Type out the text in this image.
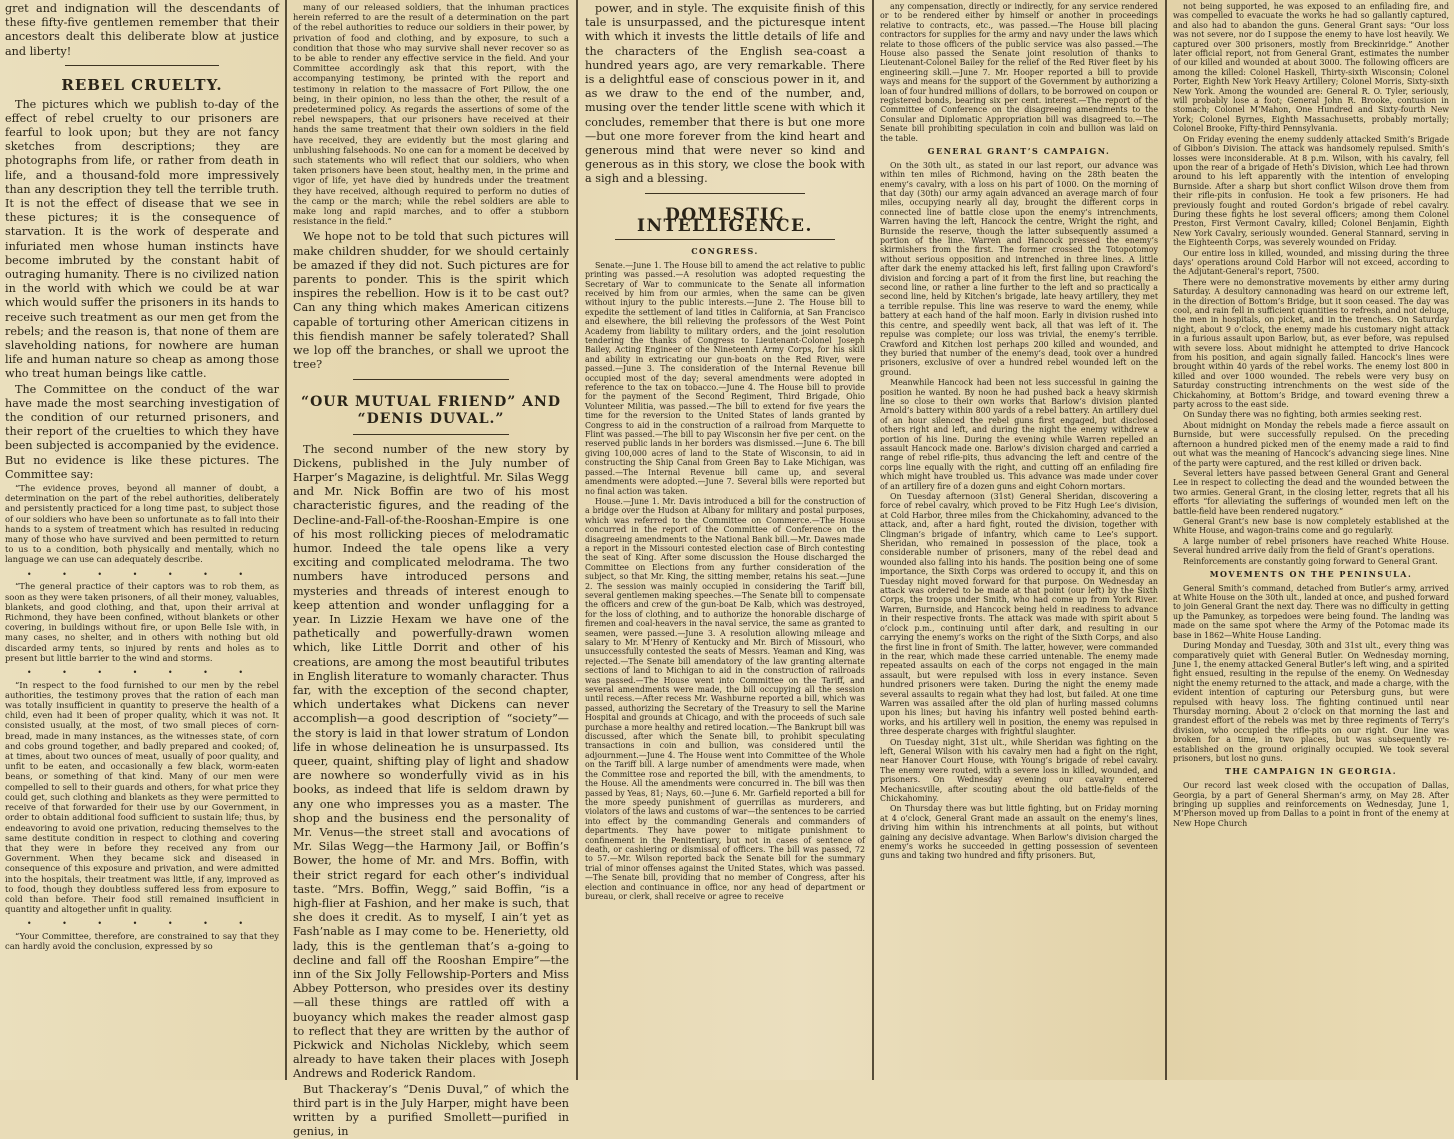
gret and indignation will the descendants of these fifty-five gentlemen remember that their ancestors dealt this deliberate blow at justice and liberty!
REBEL CRUELTY.
The pictures which we publish to-day of the effect of rebel cruelty to our prisoners are fearful to look upon; but they are not fancy sketches from descriptions; they are photographs from life, or rather from death in life, and a thousand-fold more impressively than any description they tell the terrible truth. It is not the effect of disease that we see in these pictures; it is the consequence of starvation. It is the work of desperate and infuriated men whose human instincts have become imbruted by the constant habit of outraging humanity. There is no civilized nation in the world with which we could be at war which would suffer the prisoners in its hands to receive such treatment as our men get from the rebels; and the reason is, that none of them are slaveholding nations, for nowhere are human life and human nature so cheap as among those who treat human beings like cattle.
The Committee on the conduct of the war have made the most searching investigation of the condition of our returned prisoners, and their report of the cruelties to which they have been subjected is accompanied by the evidence. But no evidence is like these pictures. The Committee say:
“The evidence proves, beyond all manner of doubt, a determination on the part of the rebel authorities, deliberately and persistently practiced for a long time past, to subject those of our soldiers who have been so unfortunate as to fall into their hands to a system of treatment which has resulted in reducing many of those who have survived and been permitted to return to us to a condition, both physically and mentally, which no language we can use can adequately describe.
• • • • • • •
“The general practice of their captors was to rob them, as soon as they were taken prisoners, of all their money, valuables, blankets, and good clothing, and that, upon their arrival at Richmond, they have been confined, without blankets or other covering, in buildings without fire, or upon Belle Isle with, in many cases, no shelter, and in others with nothing but old discarded army tents, so injured by rents and holes as to present but little barrier to the wind and storms.
• • • • • • •
“In respect to the food furnished to our men by the rebel authorities, the testimony proves that the ration of each man was totally insufficient in quantity to preserve the health of a child, even had it been of proper quality, which it was not. It consisted usually, at the most, of two small pieces of corn-bread, made in many instances, as the witnesses state, of corn and cobs ground together, and badly prepared and cooked; of, at times, about two ounces of meat, usually of poor quality, and unfit to be eaten, and occasionally a few black, worm-eaten beans, or something of that kind. Many of our men were compelled to sell to their guards and others, for what price they could get, such clothing and blankets as they were permitted to receive of that forwarded for their use by our Government, in order to obtain additional food sufficient to sustain life; thus, by endeavoring to avoid one privation, reducing themselves to the same destitute condition in respect to clothing and covering that they were in before they received any from our Government. When they became sick and diseased in consequence of this exposure and privation, and were admitted into the hospitals, their treatment was little, if any, improved as to food, though they doubtless suffered less from exposure to cold than before. Their food still remained insufficient in quantity and altogether unfit in quality.
• • • • • • •
“Your Committee, therefore, are constrained to say that they can hardly avoid the conclusion, expressed by so
many of our released soldiers, that the inhuman practices herein referred to are the result of a determination on the part of the rebel authorities to reduce our soldiers in their power, by privation of food and clothing, and by exposure, to such a condition that those who may survive shall never recover so as to be able to render any effective service in the field. And your Committee accordingly ask that this report, with the accompanying testimony, be printed with the report and testimony in relation to the massacre of Fort Pillow, the one being, in their opinion, no less than the other, the result of a predetermined policy. As regards the assertions of some of the rebel newspapers, that our prisoners have received at their hands the same treatment that their own soldiers in the field have received, they are evidently but the most glaring and unblushing falsehoods. No one can for a moment be deceived by such statements who will reflect that our soldiers, who when taken prisoners have been stout, healthy men, in the prime and vigor of life, yet have died by hundreds under the treatment they have received, although required to perform no duties of the camp or the march; while the rebel soldiers are able to make long and rapid marches, and to offer a stubborn resistance in the field.”
We hope not to be told that such pictures will make children shudder, for we should certainly be amazed if they did not. Such pictures are for parents to ponder. This is the spirit which inspires the rebellion. How is it to be cast out? Can any thing which makes American citizens capable of torturing other American citizens in this fiendish manner be safely tolerated? Shall we lop off the branches, or shall we uproot the tree?
“OUR MUTUAL FRIEND” AND “DENIS DUVAL.”
The second number of the new story by Dickens, published in the July number of Harper’s Magazine, is delightful. Mr. Silas Wegg and Mr. Nick Boffin are two of his most characteristic figures, and the reading of the Decline-and-Fall-of-the-Rooshan-Empire is one of his most rollicking pieces of melodramatic humor. Indeed the tale opens like a very exciting and complicated melodrama. The two numbers have introduced persons and mysteries and threads of interest enough to keep attention and wonder unflagging for a year. In Lizzie Hexam we have one of the pathetically and powerfully-drawn women which, like Little Dorrit and other of his creations, are among the most beautiful tributes in English literature to womanly character. Thus far, with the exception of the second chapter, which undertakes what Dickens can never accomplish—a good description of “society”—the story is laid in that lower stratum of London life in whose delineation he is unsurpassed. Its queer, quaint, shifting play of light and shadow are nowhere so wonderfully vivid as in his books, as indeed that life is seldom drawn by any one who impresses you as a master. The shop and the business end the personality of Mr. Venus—the street stall and avocations of Mr. Silas Wegg—the Harmony Jail, or Boffin’s Bower, the home of Mr. and Mrs. Boffin, with their strict regard for each other’s individual taste. “Mrs. Boffin, Wegg,” said Boffin, “is a high-flier at Fashion, and her make is such, that she does it credit. As to myself, I ain’t yet as Fash’nable as I may come to be. Henerietty, old lady, this is the gentleman that’s a-going to decline and fall off the Rooshan Empire”—the inn of the Six Jolly Fellowship-Porters and Miss Abbey Potterson, who presides over its destiny—all these things are rattled off with a buoyancy which makes the reader almost gasp to reflect that they are written by the author of Pickwick and Nicholas Nickleby, which seem already to have taken their places with Joseph Andrews and Roderick Random.
But Thackeray’s “Denis Duval,” of which the third part is in the July Harper, might have been written by a purified Smollett—purified in genius, in
power, and in style. The exquisite finish of this tale is unsurpassed, and the picturesque intent with which it invests the little details of life and the characters of the English sea-coast a hundred years ago, are very remarkable. There is a delightful ease of conscious power in it, and as we draw to the end of the number, and, musing over the tender little scene with which it concludes, remember that there is but one more—but one more forever from the kind heart and generous mind that were never so kind and generous as in this story, we close the book with a sigh and a blessing.
DOMESTIC INTELLIGENCE.
CONGRESS.
Senate.—June 1. The House bill to amend the act relative to public printing was passed.—A resolution was adopted requesting the Secretary of War to communicate to the Senate all information received by him from our armies, when the same can be given without injury to the public interests.—June 2. The House bill to expedite the settlement of land titles in California, at San Francisco and elsewhere, the bill relieving the professors of the West Point Academy from liability to military orders, and the joint resolution tendering the thanks of Congress to Lieutenant-Colonel Joseph Bailey, Acting Engineer of the Nineteenth Army Corps, for his skill and ability in extricating our gun-boats on the Red River, were passed.—June 3. The consideration of the Internal Revenue bill occupied most of the day; several amendments were adopted in reference to the tax on tobacco.—June 4. The House bill to provide for the payment of the Second Regiment, Third Brigade, Ohio Volunteer Militia, was passed.—The bill to extend for five years the time for the reversion to the United States of lands granted by Congress to aid in the construction of a railroad from Marquette to Flint was passed.—The bill to pay Wisconsin her five per cent. on the reserved public lands in her borders was dismissed.—June 6. The bill giving 100,000 acres of land to the State of Wisconsin, to aid in constructing the Ship Canal from Green Bay to Lake Michigan, was passed.—The Internal Revenue bill came up, and several amendments were adopted.—June 7. Several bills were reported but no final action was taken.
House.—June 1. Mr. Davis introduced a bill for the construction of a bridge over the Hudson at Albany for military and postal purposes, which was referred to the Committee on Commerce.—The House concurred in the report of the Committee of Conference on the disagreeing amendments to the National Bank bill.—Mr. Dawes made a report in the Missouri contested election case of Birch contesting the seat of King. After some discussion the House discharged the Committee on Elections from any further consideration of the subject, so that Mr. King, the sitting member, retains his seat.—June 2. The session was mainly occupied in considering the Tariff bill, several gentlemen making speeches.—The Senate bill to compensate the officers and crew of the gun-boat De Kalb, which was destroyed, for the loss of clothing, and to authorize the honorable discharge of firemen and coal-heavers in the naval service, the same as granted to seamen, were passed.—June 3. A resolution allowing mileage and salary to Mr. M’Henry of Kentucky and Mr. Birch of Missouri, who unsuccessfully contested the seats of Messrs. Yeaman and King, was rejected.—The Senate bill amendatory of the law granting alternate sections of land to Michigan to aid in the construction of railroads was passed.—The House went into Committee on the Tariff, and several amendments were made, the bill occupying all the session until recess.—After recess Mr. Washburne reported a bill, which was passed, authorizing the Secretary of the Treasury to sell the Marine Hospital and grounds at Chicago, and with the proceeds of such sale purchase a more healthy and retired location.—The Bankrupt bill was discussed, after which the Senate bill, to prohibit speculating transactions in coin and bullion, was considered until the adjournment.—June 4. The House went into Committee of the Whole on the Tariff bill. A large number of amendments were made, when the Committee rose and reported the bill, with the amendments, to the House. All the amendments were concurred in. The bill was then passed by Yeas, 81; Nays, 60.—June 6. Mr. Garfield reported a bill for the more speedy punishment of guerrillas as murderers, and violators of the laws and customs of war—the sentences to be carried into effect by the commanding Generals and commanders of departments. They have power to mitigate punishment to confinement in the Penitentiary, but not in cases of sentence of death, or cashiering or dismissal of officers. The bill was passed, 72 to 57.—Mr. Wilson reported back the Senate bill for the summary trial of minor offenses against the United States, which was passed.—The Senate bill, providing that no member of Congress, after his election and continuance in office, nor any head of department or bureau, or clerk, shall receive or agree to receive
any compensation, directly or indirectly, for any service rendered or to be rendered either by himself or another in proceedings relative to contracts, etc., was passed.—The House bill placing contractors for supplies for the army and navy under the laws which relate to those officers of the public service was also passed.—The House also passed the Senate joint resolution of thanks to Lieutenant-Colonel Bailey for the relief of the Red River fleet by his engineering skill.—June 7. Mr. Hooper reported a bill to provide ways and means for the support of the Government by authorizing a loan of four hundred millions of dollars, to be borrowed on coupon or registered bonds, bearing six per cent. interest.—The report of the Committee of Conference on the disagreeing amendments to the Consular and Diplomatic Appropriation bill was disagreed to.—The Senate bill prohibiting speculation in coin and bullion was laid on the table.
GENERAL GRANT’S CAMPAIGN.
On the 30th ult., as stated in our last report, our advance was within ten miles of Richmond, having on the 28th beaten the enemy’s cavalry, with a loss on his part of 1000. On the morning of that day (30th) our army again advanced an average march of four miles, occupying nearly all day, brought the different corps in connected line of battle close upon the enemy’s intrenchments, Warren having the left, Hancock the centre, Wright the right, and Burnside the reserve, though the latter subsequently assumed a portion of the line. Warren and Hancock pressed the enemy’s skirmishers from the first. The former crossed the Totopotomoy without serious opposition and intrenched in three lines. A little after dark the enemy attacked his left, first falling upon Crawford’s division and forcing a part of it from the first line, but reaching the second line, or rather a line further to the left and so practically a second line, held by Kitchen’s brigade, late heavy artillery, they met a terrible repulse. This line was reserve to ward the enemy, while battery at each hand of the half moon. Early in division rushed into this centre, and speedily went back, all that was left of it. The repulse was complete; our loss was trivial, the enemy’s terrible. Crawford and Kitchen lost perhaps 200 killed and wounded, and they buried that number of the enemy’s dead, took over a hundred prisoners, exclusive of over a hundred rebel wounded left on the ground.
Meanwhile Hancock had been not less successful in gaining the position he wanted. By noon he had pushed back a heavy skirmish line so close to their own works that Barlow’s division planted Arnold’s battery within 800 yards of a rebel battery. An artillery duel of an hour silenced the rebel guns first engaged, but disclosed others right and left, and during the night the enemy withdrew a portion of his line. During the evening while Warren repelled an assault Hancock made one. Barlow’s division charged and carried a range of rebel rifle-pits, thus advancing the left and centre of the corps line equally with the right, and cutting off an enfilading fire which might have troubled us. This advance was made under cover of an artillery fire of a dozen guns and eight Cohorn mortars.
On Tuesday afternoon (31st) General Sheridan, discovering a force of rebel cavalry, which proved to be Fitz Hugh Lee’s division, at Cold Harbor, three miles from the Chickahominy, advanced to the attack, and, after a hard fight, routed the division, together with Clingman’s brigade of infantry, which came to Lee’s support. Sheridan, who remained in possession of the place, took a considerable number of prisoners, many of the rebel dead and wounded also falling into his hands. The position being one of some importance, the Sixth Corps was ordered to occupy it, and this on Tuesday night moved forward for that purpose. On Wednesday an attack was ordered to be made at that point (our left) by the Sixth Corps, the troops under Smith, who had come up from York River. Warren, Burnside, and Hancock being held in readiness to advance in their respective fronts. The attack was made with spirit about 5 o’clock p.m., continuing until after dark, and resulting in our carrying the enemy’s works on the right of the Sixth Corps, and also the first line in front of Smith. The latter, however, were commanded in the rear, which made these carried untenable. The enemy made repeated assaults on each of the corps not engaged in the main assault, but were repulsed with loss in every instance. Seven hundred prisoners were taken. During the night the enemy made several assaults to regain what they had lost, but failed. At one time Warren was assailed after the old plan of hurling massed columns upon his lines; but having his infantry well posted behind earth-works, and his artillery well in position, the enemy was repulsed in three desperate charges with frightful slaughter.
On Tuesday night, 31st ult., while Sheridan was fighting on the left, General Wilson with his cavalry men had a fight on the right, near Hanover Court House, with Young’s brigade of rebel cavalry. The enemy were routed, with a severe loss in killed, wounded, and prisoners. On Wednesday evening our cavalry entered Mechanicsville, after scouting about the old battle-fields of the Chickahominy.
On Thursday there was but little fighting, but on Friday morning at 4 o’clock, General Grant made an assault on the enemy’s lines, driving him within his intrenchments at all points, but without gaining any decisive advantage. When Barlow’s division charged the enemy’s works he succeeded in getting possession of seventeen guns and taking two hundred and fifty prisoners. But,
not being supported, he was exposed to an enfilading fire, and was compelled to evacuate the works he had so gallantly captured, and also had to abandon the guns. General Grant says: “Our loss was not severe, nor do I suppose the enemy to have lost heavily. We captured over 300 prisoners, mostly from Breckinridge.” Another later official report, not from General Grant, estimates the number of our killed and wounded at about 3000. The following officers are among the killed: Colonel Haskell, Thirty-sixth Wisconsin; Colonel Porter, Eighth New York Heavy Artillery; Colonel Morris, Sixty-sixth New York. Among the wounded are: General R. O. Tyler, seriously, will probably lose a foot; General John R. Brooke, contusion in stomach; Colonel M’Mahon, One Hundred and Sixty-fourth New York; Colonel Byrnes, Eighth Massachusetts, probably mortally; Colonel Brooke, Fifty-third Pennsylvania.
On Friday evening the enemy suddenly attacked Smith’s Brigade of Gibbon’s Division. The attack was handsomely repulsed. Smith’s losses were inconsiderable. At 8 p.m. Wilson, with his cavalry, fell upon the rear of a brigade of Heth’s Division, which Lee had thrown around to his left apparently with the intention of enveloping Burnside. After a sharp but short conflict Wilson drove them from their rifle-pits in confusion. He took a few prisoners. He had previously fought and routed Gordon’s brigade of rebel cavalry. During these fights he lost several officers; among them Colonel Preston, First Vermont Cavalry, killed; Colonel Benjamin, Eighth New York Cavalry, seriously wounded. General Stannard, serving in the Eighteenth Corps, was severely wounded on Friday.
Our entire loss in killed, wounded, and missing during the three days’ operations around Cold Harbor will not exceed, according to the Adjutant-General’s report, 7500.
There were no demonstrative movements by either army during Saturday. A desultory cannonading was heard on our extreme left, in the direction of Bottom’s Bridge, but it soon ceased. The day was cool, and rain fell in sufficient quantities to refresh, and not deluge, the men in hospitals, on picket, and in the trenches. On Saturday night, about 9 o’clock, the enemy made his customary night attack in a furious assault upon Barlow, but, as ever before, was repulsed with severe loss. About midnight he attempted to drive Hancock from his position, and again signally failed. Hancock’s lines were brought within 40 yards of the rebel works. The enemy lost 800 in killed and over 1000 wounded. The rebels were very busy on Saturday constructing intrenchments on the west side of the Chickahominy, at Bottom’s Bridge, and toward evening threw a party across to the east side.
On Sunday there was no fighting, both armies seeking rest.
About midnight on Monday the rebels made a fierce assault on Burnside, but were successfully repulsed. On the preceding afternoon a hundred picked men of the enemy made a raid to find out what was the meaning of Hancock’s advancing siege lines. Nine of the party were captured, and the rest killed or driven back.
Several letters have passed between General Grant and General Lee in respect to collecting the dead and the wounded between the two armies. General Grant, in the closing letter, regrets that all his efforts “for alleviating the sufferings of wounded men left on the battle-field have been rendered nugatory.”
General Grant’s new base is now completely established at the White House, and wagon-trains come and go regularly.
A large number of rebel prisoners have reached White House. Several hundred arrive daily from the field of Grant’s operations.
Reinforcements are constantly going forward to General Grant.
MOVEMENTS ON THE PENINSULA.
General Smith’s command, detached from Butler’s army, arrived at White House on the 30th ult., landed at once, and pushed forward to join General Grant the next day. There was no difficulty in getting up the Pamunkey, as torpedoes were being found. The landing was made on the same spot where the Army of the Potomac made its base in 1862—White House Landing.
During Monday and Tuesday, 30th and 31st ult., every thing was comparatively quiet with General Butler. On Wednesday morning, June 1, the enemy attacked General Butler’s left wing, and a spirited fight ensued, resulting in the repulse of the enemy. On Wednesday night the enemy returned to the attack, and made a charge, with the evident intention of capturing our Petersburg guns, but were repulsed with heavy loss. The fighting continued until near Thursday morning. About 2 o’clock on that morning the last and grandest effort of the rebels was met by three regiments of Terry’s division, who occupied the rifle-pits on our right. Our line was broken for a time, in two places, but was subsequently re-established on the ground originally occupied. We took several prisoners, but lost no guns.
THE CAMPAIGN IN GEORGIA.
Our record last week closed with the occupation of Dallas, Georgia, by a part of General Sherman’s army, on May 28. After bringing up supplies and reinforcements on Wednesday, June 1, M’Pherson moved up from Dallas to a point in front of the enemy at New Hope Church
